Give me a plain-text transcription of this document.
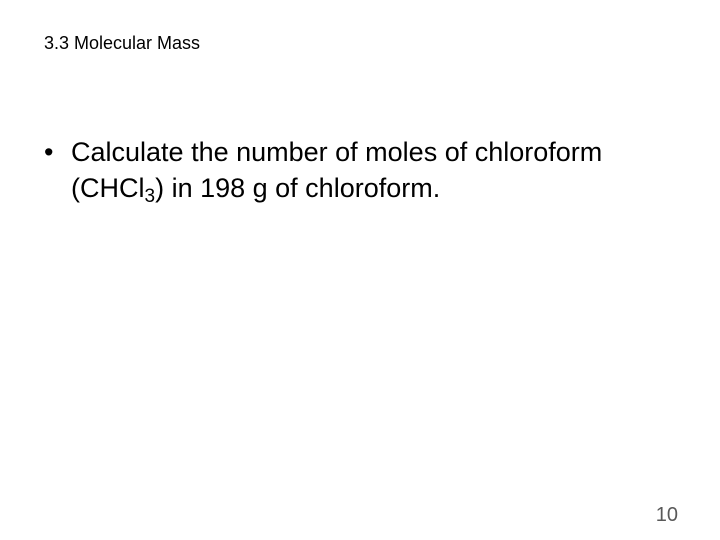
3.3 Molecular Mass
• Calculate the number of moles of chloroform
(CHCl$_3$) in 198 g of chloroform.
10
